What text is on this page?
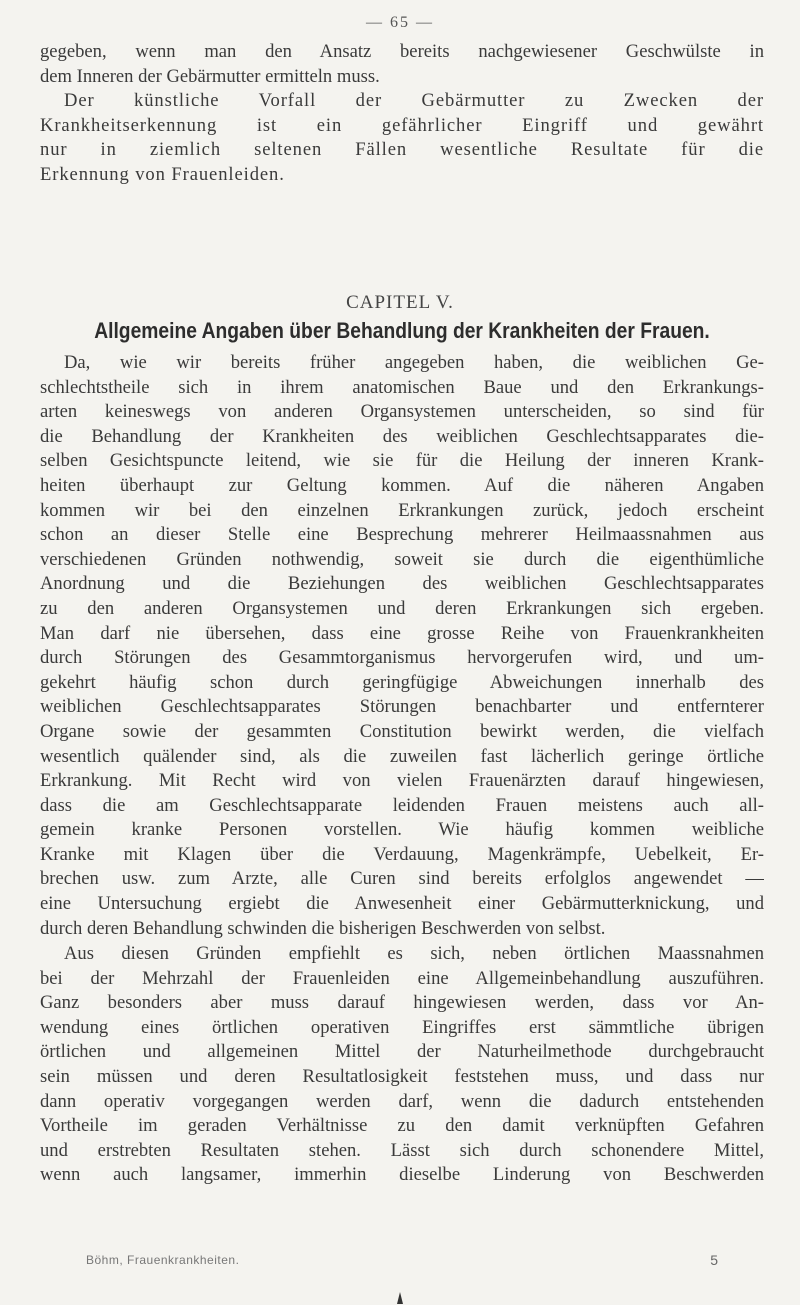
— 65 —
gegeben, wenn man den Ansatz bereits nachgewiesener Geschwülste in
dem Inneren der Gebärmutter ermitteln muss.
Der künstliche Vorfall der Gebärmutter zu Zwecken der
Krankheitserkennung ist ein gefährlicher Eingriff und gewährt
nur in ziemlich seltenen Fällen wesentliche Resultate für die
Erkennung von Frauenleiden.
CAPITEL V.
Allgemeine Angaben über Behandlung der Krankheiten der Frauen.
Da, wie wir bereits früher angegeben haben, die weiblichen Ge-
schlechtstheile sich in ihrem anatomischen Baue und den Erkrankungs-
arten keineswegs von anderen Organsystemen unterscheiden, so sind für
die Behandlung der Krankheiten des weiblichen Geschlechtsapparates die-
selben Gesichtspuncte leitend, wie sie für die Heilung der inneren Krank-
heiten überhaupt zur Geltung kommen. Auf die näheren Angaben
kommen wir bei den einzelnen Erkrankungen zurück, jedoch erscheint
schon an dieser Stelle eine Besprechung mehrerer Heilmaassnahmen aus
verschiedenen Gründen nothwendig, soweit sie durch die eigenthümliche
Anordnung und die Beziehungen des weiblichen Geschlechtsapparates
zu den anderen Organsystemen und deren Erkrankungen sich ergeben.
Man darf nie übersehen, dass eine grosse Reihe von Frauenkrankheiten
durch Störungen des Gesammtorganismus hervorgerufen wird, und um-
gekehrt häufig schon durch geringfügige Abweichungen innerhalb des
weiblichen Geschlechtsapparates Störungen benachbarter und entfernterer
Organe sowie der gesammten Constitution bewirkt werden, die vielfach
wesentlich quälender sind, als die zuweilen fast lächerlich geringe örtliche
Erkrankung. Mit Recht wird von vielen Frauenärzten darauf hingewiesen,
dass die am Geschlechtsapparate leidenden Frauen meistens auch all-
gemein kranke Personen vorstellen. Wie häufig kommen weibliche
Kranke mit Klagen über die Verdauung, Magenkrämpfe, Uebelkeit, Er-
brechen usw. zum Arzte, alle Curen sind bereits erfolglos angewendet —
eine Untersuchung ergiebt die Anwesenheit einer Gebärmutterknickung, und
durch deren Behandlung schwinden die bisherigen Beschwerden von selbst.
Aus diesen Gründen empfiehlt es sich, neben örtlichen Maassnahmen
bei der Mehrzahl der Frauenleiden eine Allgemeinbehandlung auszuführen.
Ganz besonders aber muss darauf hingewiesen werden, dass vor An-
wendung eines örtlichen operativen Eingriffes erst sämmtliche übrigen
örtlichen und allgemeinen Mittel der Naturheilmethode durchgebraucht
sein müssen und deren Resultatlosigkeit feststehen muss, und dass nur
dann operativ vorgegangen werden darf, wenn die dadurch entstehenden
Vortheile im geraden Verhältnisse zu den damit verknüpften Gefahren
und erstrebten Resultaten stehen. Lässt sich durch schonendere Mittel,
wenn auch langsamer, immerhin dieselbe Linderung von Beschwerden
Böhm, Frauenkrankheiten.	5
